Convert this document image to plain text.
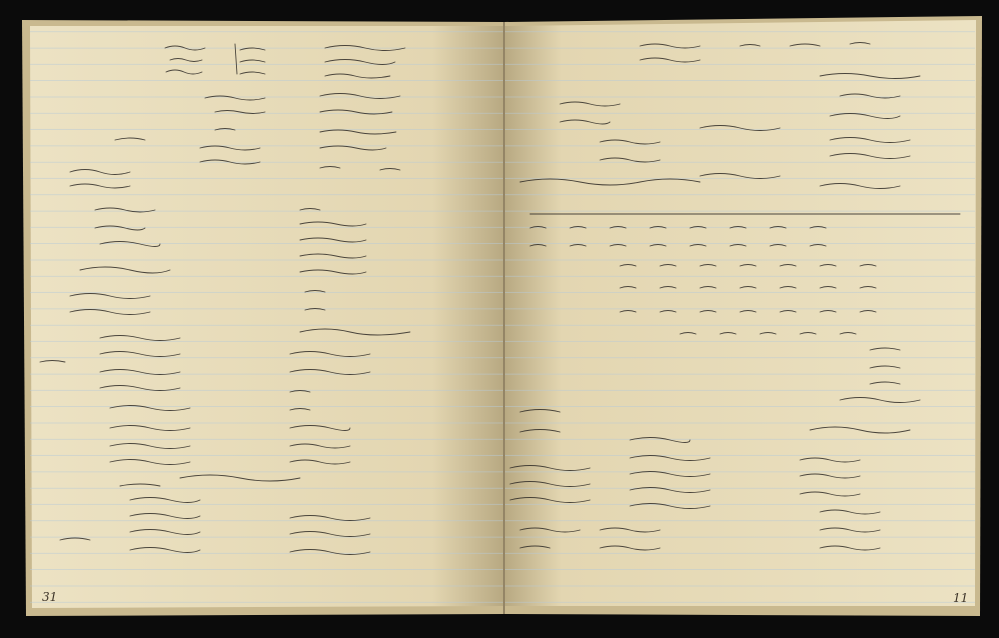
31	11
